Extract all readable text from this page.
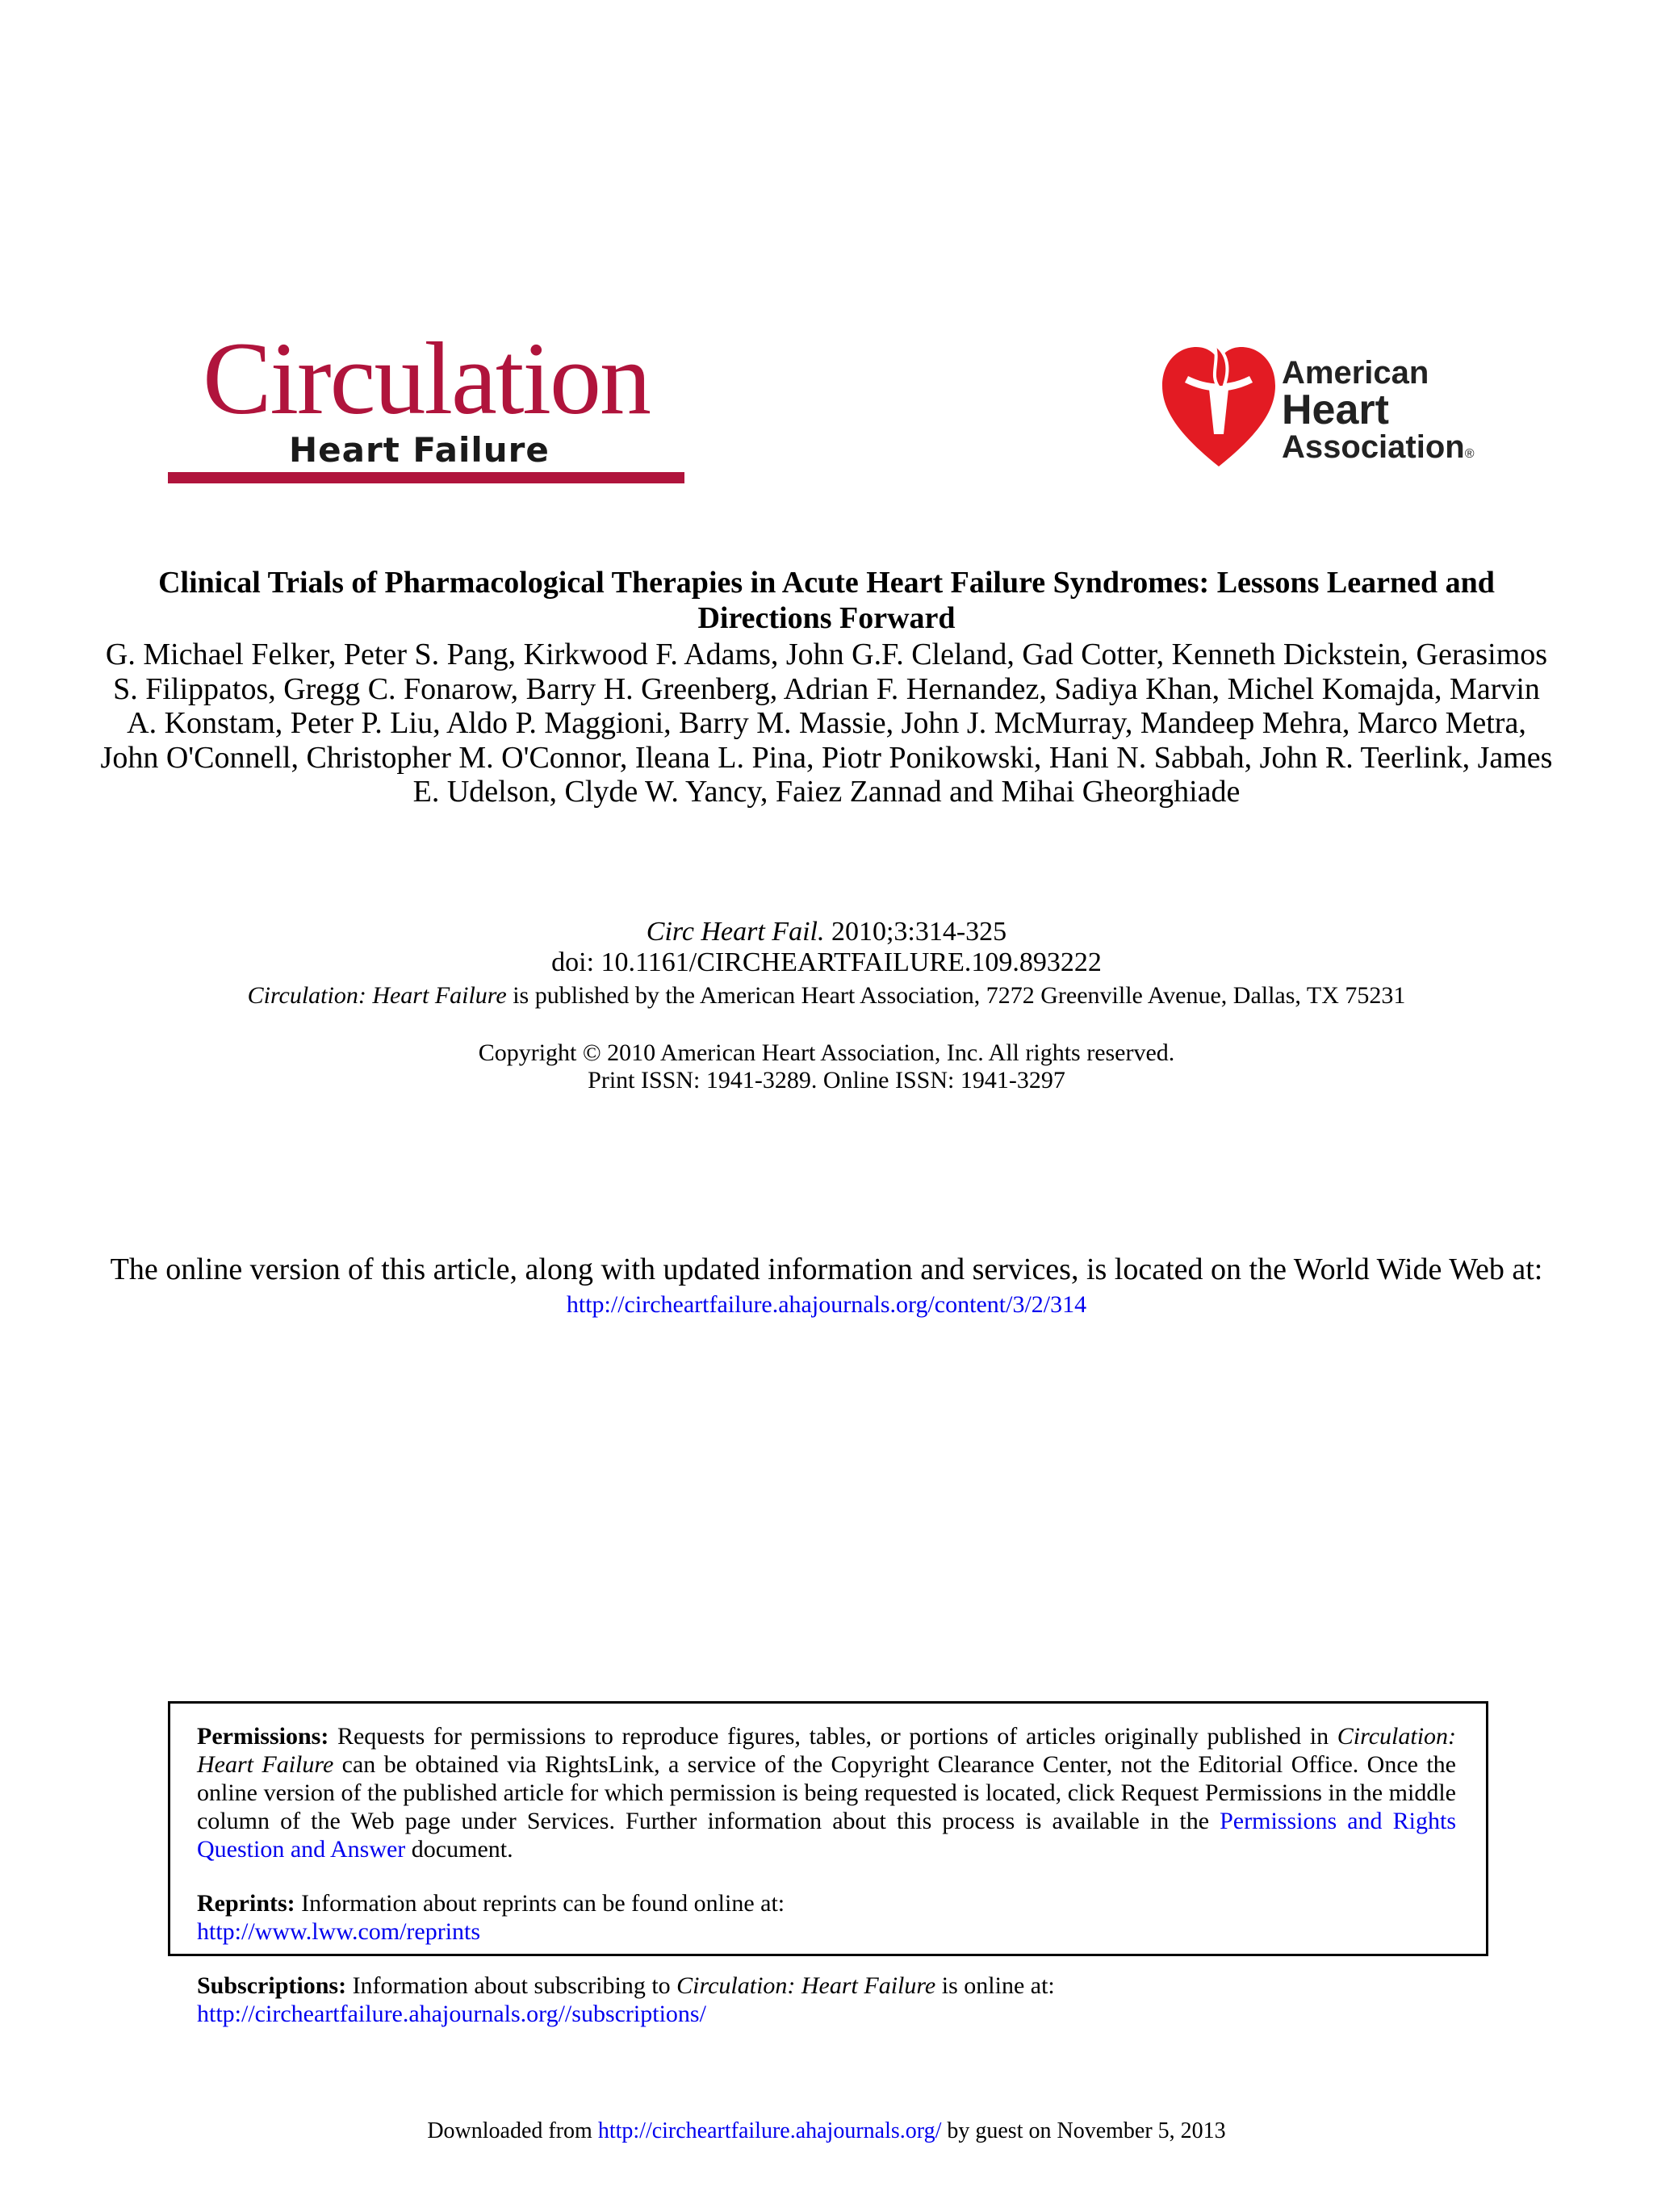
Circulation
Heart Failure
American
Heart
Association®
Clinical Trials of Pharmacological Therapies in Acute Heart Failure Syndromes: Lessons Learned and Directions Forward
G. Michael Felker, Peter S. Pang, Kirkwood F. Adams, John G.F. Cleland, Gad Cotter, Kenneth Dickstein, Gerasimos S. Filippatos, Gregg C. Fonarow, Barry H. Greenberg, Adrian F. Hernandez, Sadiya Khan, Michel Komajda, Marvin A. Konstam, Peter P. Liu, Aldo P. Maggioni, Barry M. Massie, John J. McMurray, Mandeep Mehra, Marco Metra, John O'Connell, Christopher M. O'Connor, Ileana L. Pina, Piotr Ponikowski, Hani N. Sabbah, John R. Teerlink, James E. Udelson, Clyde W. Yancy, Faiez Zannad and Mihai Gheorghiade
Circ Heart Fail. 2010;3:314-325
doi: 10.1161/CIRCHEARTFAILURE.109.893222
Circulation: Heart Failure is published by the American Heart Association, 7272 Greenville Avenue, Dallas, TX 75231
Copyright © 2010 American Heart Association, Inc. All rights reserved.
Print ISSN: 1941-3289. Online ISSN: 1941-3297
The online version of this article, along with updated information and services, is located on the World Wide Web at:
http://circheartfailure.ahajournals.org/content/3/2/314

Permissions: Requests for permissions to reproduce figures, tables, or portions of articles originally published in Circulation: Heart Failure can be obtained via RightsLink, a service of the Copyright Clearance Center, not the Editorial Office. Once the online version of the published article for which permission is being requested is located, click Request Permissions in the middle column of the Web page under Services. Further information about this process is available in the Permissions and Rights Question and Answer document.

Reprints: Information about reprints can be found online at:
http://www.lww.com/reprints

Subscriptions: Information about subscribing to Circulation: Heart Failure is online at:
http://circheartfailure.ahajournals.org//subscriptions/

Downloaded from http://circheartfailure.ahajournals.org/ by guest on November 5, 2013
